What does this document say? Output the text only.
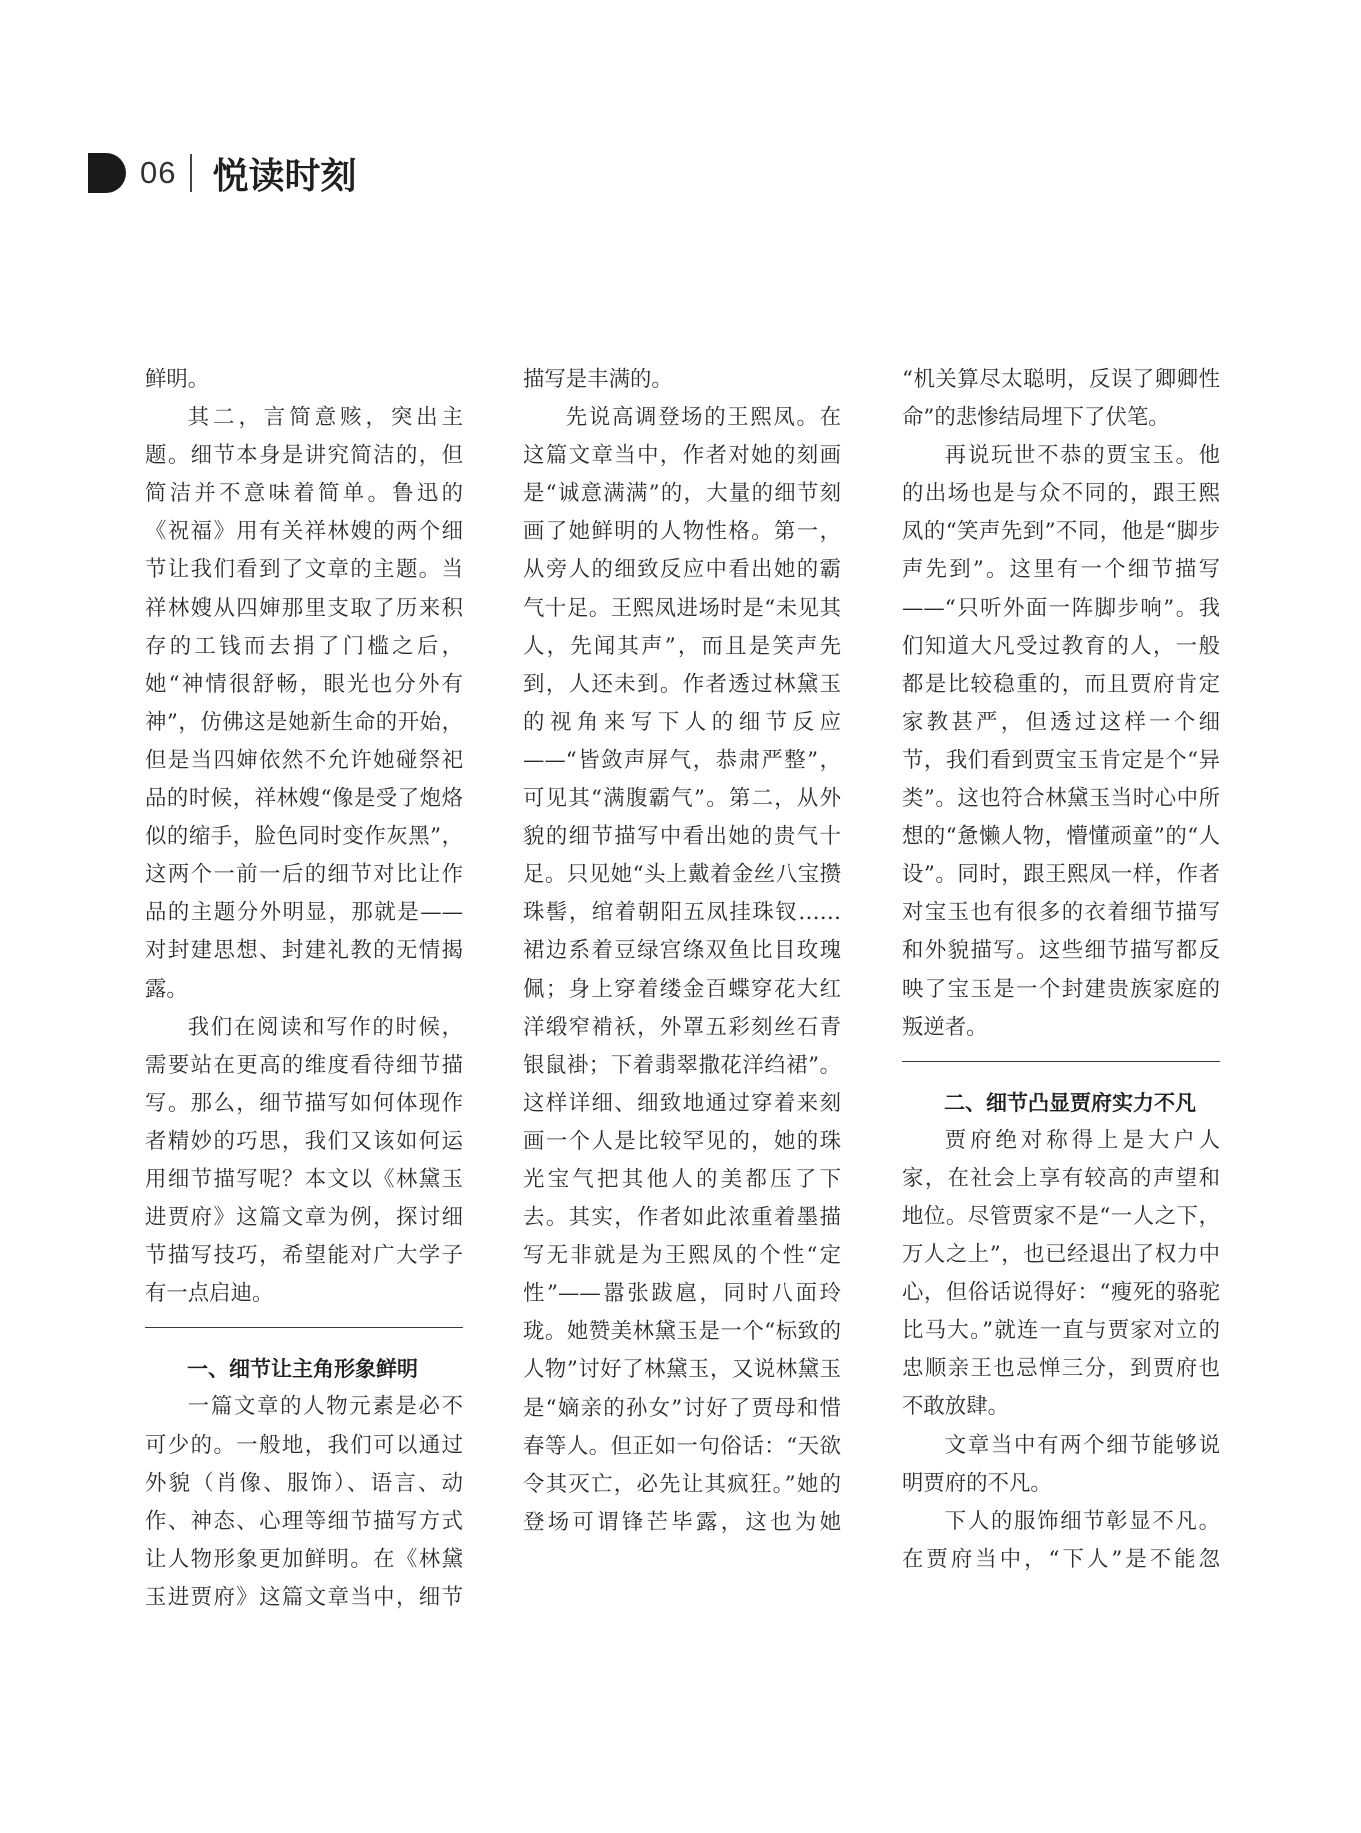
06 悦读时刻

鲜明。

其二，言简意赅，突出主题。细节本身是讲究简洁的，但简洁并不意味着简单。鲁迅的《祝福》用有关祥林嫂的两个细节让我们看到了文章的主题。当祥林嫂从四婶那里支取了历来积存的工钱而去捐了门槛之后，她“神情很舒畅，眼光也分外有神”，仿佛这是她新生命的开始，但是当四婶依然不允许她碰祭祀品的时候，祥林嫂“像是受了炮烙似的缩手，脸色同时变作灰黑”，这两个一前一后的细节对比让作品的主题分外明显，那就是——对封建思想、封建礼教的无情揭露。

我们在阅读和写作的时候，需要站在更高的维度看待细节描写。那么，细节描写如何体现作者精妙的巧思，我们又该如何运用细节描写呢？本文以《林黛玉进贾府》这篇文章为例，探讨细节描写技巧，希望能对广大学子有一点启迪。

一、细节让主角形象鲜明

一篇文章的人物元素是必不可少的。一般地，我们可以通过外貌（肖像、服饰）、语言、动作、神态、心理等细节描写方式让人物形象更加鲜明。在《林黛玉进贾府》这篇文章当中，细节

描写是丰满的。

先说高调登场的王熙凤。在这篇文章当中，作者对她的刻画是“诚意满满”的，大量的细节刻画了她鲜明的人物性格。第一，从旁人的细致反应中看出她的霸气十足。王熙凤进场时是“未见其人，先闻其声”，而且是笑声先到，人还未到。作者透过林黛玉的视角来写下人的细节反应——“皆敛声屏气，恭肃严整”，可见其“满腹霸气”。第二，从外貌的细节描写中看出她的贵气十足。只见她“头上戴着金丝八宝攒珠髻，绾着朝阳五凤挂珠钗……裙边系着豆绿宫绦双鱼比目玫瑰佩；身上穿着缕金百蝶穿花大红洋缎窄褃袄，外罩五彩刻丝石青银鼠褂；下着翡翠撒花洋绉裙”。这样详细、细致地通过穿着来刻画一个人是比较罕见的，她的珠光宝气把其他人的美都压了下去。其实，作者如此浓重着墨描写无非就是为王熙凤的个性“定性”——嚣张跋扈，同时八面玲珑。她赞美林黛玉是一个“标致的人物”讨好了林黛玉，又说林黛玉是“嫡亲的孙女”讨好了贾母和惜春等人。但正如一句俗话：“天欲令其灭亡，必先让其疯狂。”她的登场可谓锋芒毕露，这也为她

“机关算尽太聪明，反误了卿卿性命”的悲惨结局埋下了伏笔。

再说玩世不恭的贾宝玉。他的出场也是与众不同的，跟王熙凤的“笑声先到”不同，他是“脚步声先到”。这里有一个细节描写——“只听外面一阵脚步响”。我们知道大凡受过教育的人，一般都是比较稳重的，而且贾府肯定家教甚严，但透过这样一个细节，我们看到贾宝玉肯定是个“异类”。这也符合林黛玉当时心中所想的“惫懒人物，懵懂顽童”的“人设”。同时，跟王熙凤一样，作者对宝玉也有很多的衣着细节描写和外貌描写。这些细节描写都反映了宝玉是一个封建贵族家庭的叛逆者。

二、细节凸显贾府实力不凡

贾府绝对称得上是大户人家，在社会上享有较高的声望和地位。尽管贾家不是“一人之下，万人之上”，也已经退出了权力中心，但俗话说得好：“瘦死的骆驼比马大。”就连一直与贾家对立的忠顺亲王也忌惮三分，到贾府也不敢放肆。

文章当中有两个细节能够说明贾府的不凡。

下人的服饰细节彰显不凡。在贾府当中，“下人”是不能忽
